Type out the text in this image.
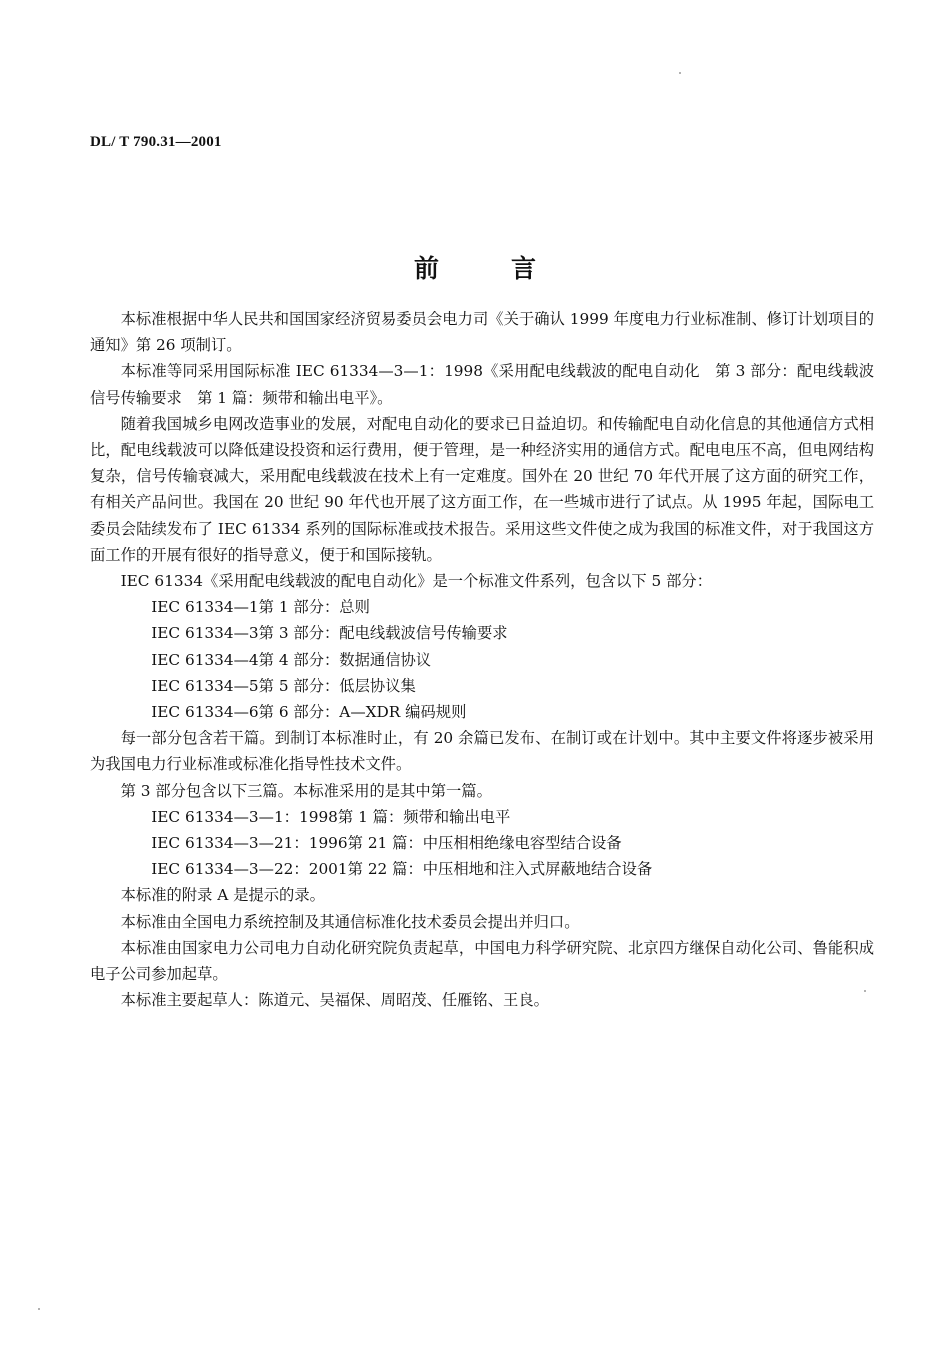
DL/ T 790.31—2001
前	言

本标准根据中华人民共和国国家经济贸易委员会电力司《关于确认 1999 年度电力行业标准制、修订计划项目的通知》第 26 项制订。

本标准等同采用国际标准 IEC 61334—3—1：1998《采用配电线载波的配电自动化　第 3 部分：配电线载波信号传输要求　第 1 篇：频带和输出电平》。

随着我国城乡电网改造事业的发展，对配电自动化的要求已日益迫切。和传输配电自动化信息的其他通信方式相比，配电线载波可以降低建设投资和运行费用，便于管理，是一种经济实用的通信方式。配电电压不高，但电网结构复杂，信号传输衰减大，采用配电线载波在技术上有一定难度。国外在 20 世纪 70 年代开展了这方面的研究工作，有相关产品问世。我国在 20 世纪 90 年代也开展了这方面工作，在一些城市进行了试点。从 1995 年起，国际电工委员会陆续发布了 IEC 61334 系列的国际标准或技术报告。采用这些文件使之成为我国的标准文件，对于我国这方面工作的开展有很好的指导意义，便于和国际接轨。

IEC 61334《采用配电线载波的配电自动化》是一个标准文件系列，包含以下 5 部分：

IEC 61334—1第 1 部分：总则

IEC 61334—3第 3 部分：配电线载波信号传输要求

IEC 61334—4第 4 部分：数据通信协议

IEC 61334—5第 5 部分：低层协议集

IEC 61334—6第 6 部分：A—XDR 编码规则

每一部分包含若干篇。到制订本标准时止，有 20 余篇已发布、在制订或在计划中。其中主要文件将逐步被采用为我国电力行业标准或标准化指导性技术文件。

第 3 部分包含以下三篇。本标准采用的是其中第一篇。

IEC 61334—3—1：1998第 1 篇：频带和输出电平

IEC 61334—3—21：1996第 21 篇：中压相相绝缘电容型结合设备

IEC 61334—3—22：2001第 22 篇：中压相地和注入式屏蔽地结合设备

本标准的附录 A 是提示的录。

本标准由全国电力系统控制及其通信标准化技术委员会提出并归口。

本标准由国家电力公司电力自动化研究院负责起草，中国电力科学研究院、北京四方继保自动化公司、鲁能积成电子公司参加起草。

本标准主要起草人：陈道元、吴福保、周昭茂、任雁铭、王良。
